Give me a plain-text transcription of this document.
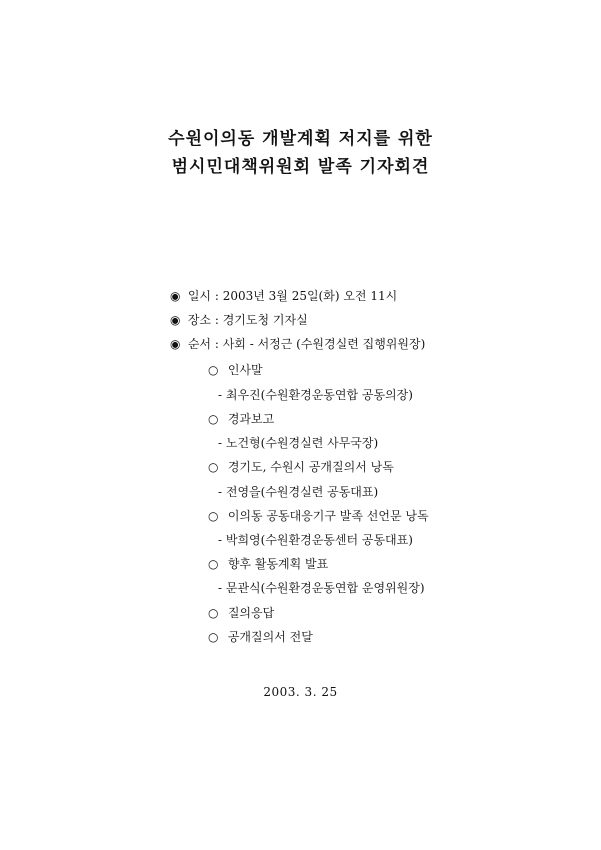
수원이의동 개발계획 저지를 위한
범시민대책위원회 발족 기자회견
◉ 일시 : 2003년 3월 25일(화) 오전 11시
◉ 장소 : 경기도청 기자실
◉ 순서 : 사회 - 서정근 (수원경실련 집행위원장)
○ 인사말
- 최우진(수원환경운동연합 공동의장)
○ 경과보고
- 노건형(수원경실련 사무국장)
○ 경기도, 수원시 공개질의서 낭독
- 전영을(수원경실련 공동대표)
○ 이의동 공동대응기구 발족 선언문 낭독
- 박희영(수원환경운동센터 공동대표)
○ 향후 활동계획 발표
- 문관식(수원환경운동연합 운영위원장)
○ 질의응답
○ 공개질의서 전달
2003. 3. 25
